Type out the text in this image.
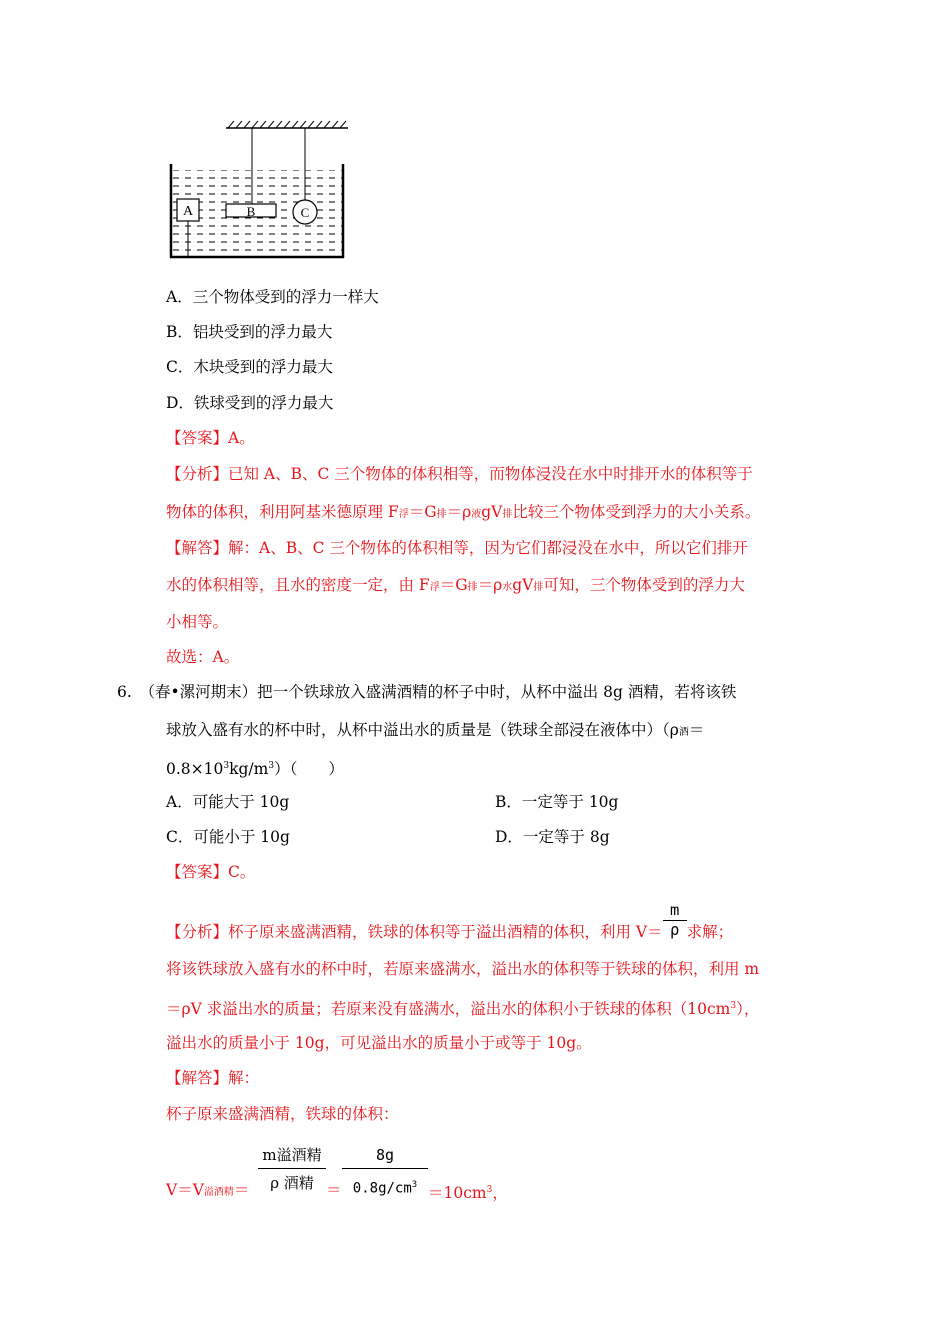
A	B	C
A．三个物体受到的浮力一样大
B．铝块受到的浮力最大
C．木块受到的浮力最大
D．铁球受到的浮力最大
【答案】A。
【分析】已知 A、B、C 三个物体的体积相等，而物体浸没在水中时排开水的体积等于
物体的体积，利用阿基米德原理 F浮＝G排＝ρ液gV排比较三个物体受到浮力的大小关系。
【解答】解：A、B、C 三个物体的体积相等，因为它们都浸没在水中，所以它们排开
水的体积相等，且水的密度一定，由 F浮＝G排＝ρ水gV排可知，三个物体受到的浮力大
小相等。
故选：A。
6.　（春•漯河期末）把一个铁球放入盛满酒精的杯子中时，从杯中溢出 8g 酒精，若将该铁
球放入盛有水的杯中时，从杯中溢出水的质量是（铁球全部浸在液体中）（ρ酒＝
$0.8\times 10^3kg/m^3$）（　　）
A．可能大于 10g	B．一定等于 10g
C．可能小于 10g	D．一定等于 8g
【答案】C。
【分析】杯子原来盛满酒精，铁球的体积等于溢出酒精的体积，利用 $V= \frac{m}{\rho}$ 求解；
将该铁球放入盛有水的杯中时，若原来盛满水，溢出水的体积等于铁球的体积，利用 m
＝ρV 求溢出水的质量；若原来没有盛满水，溢出水的体积小于铁球的体积$(10cm^3)$，
溢出水的质量小于 10g，可见溢出水的质量小于或等于 10g。
【解答】解：
杯子原来盛满酒精，铁球的体积：
V＝V溢酒精＝
m溢酒精
ρ 酒精 ＝
8g
$0.8g/cm^3 =10cm^3$，
